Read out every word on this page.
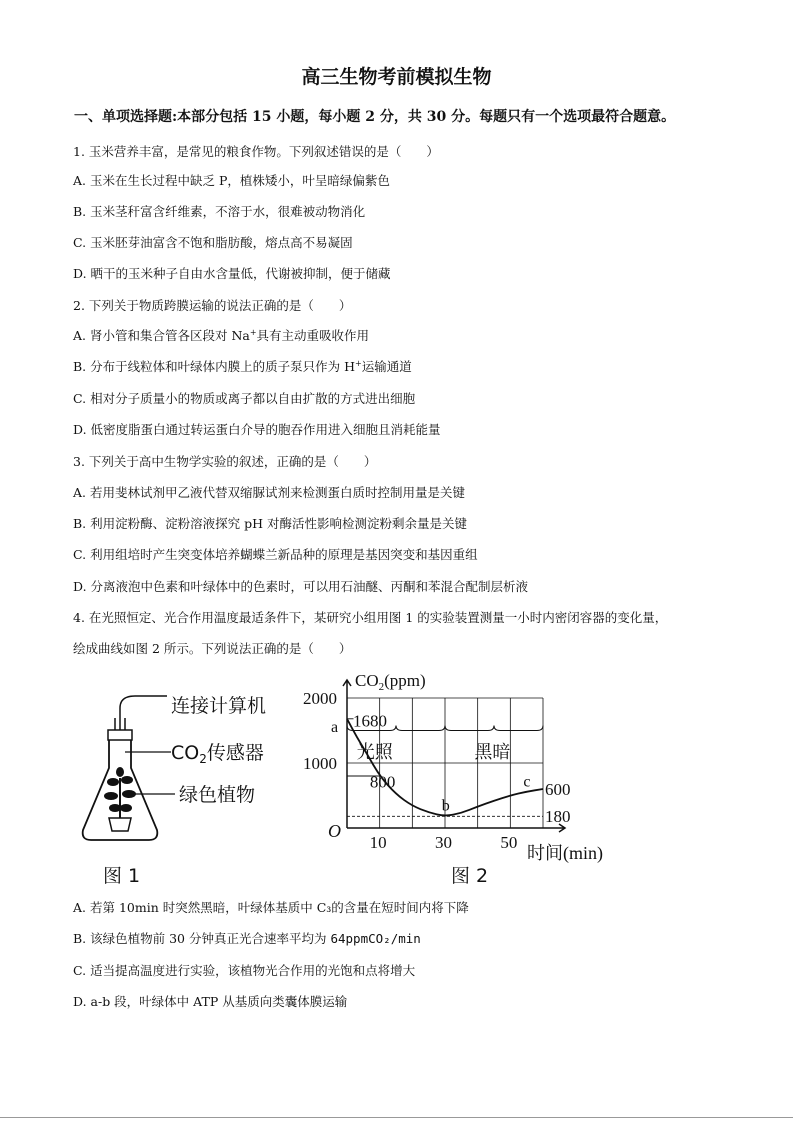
高三生物考前模拟生物
一、单项选择题:本部分包括 15 小题，每小题 2 分，共 30 分。每题只有一个选项最符合题意。
1. 玉米营养丰富，是常见的粮食作物。下列叙述错误的是（　　）
A. 玉米在生长过程中缺乏 P，植株矮小，叶呈暗绿偏紫色
B. 玉米茎秆富含纤维素，不溶于水，很难被动物消化
C. 玉米胚芽油富含不饱和脂肪酸，熔点高不易凝固
D. 晒干的玉米种子自由水含量低，代谢被抑制，便于储藏
2. 下列关于物质跨膜运输的说法正确的是（　　）
A. 肾小管和集合管各区段对 Na+具有主动重吸收作用
B. 分布于线粒体和叶绿体内膜上的质子泵只作为 H+运输通道
C. 相对分子质量小的物质或离子都以自由扩散的方式进出细胞
D. 低密度脂蛋白通过转运蛋白介导的胞吞作用进入细胞且消耗能量
3. 下列关于高中生物学实验的叙述，正确的是（　　）
A. 若用斐林试剂甲乙液代替双缩脲试剂来检测蛋白质时控制用量是关键
B. 利用淀粉酶、淀粉溶液探究 pH 对酶活性影响检测淀粉剩余量是关键
C. 利用组培时产生突变体培养蝴蝶兰新品种的原理是基因突变和基因重组
D. 分离液泡中色素和叶绿体中的色素时，可以用石油醚、丙酮和苯混合配制层析液
4. 在光照恒定、光合作用温度最适条件下，某研究小组用图 1 的实验装置测量一小时内密闭容器的变化量，
绘成曲线如图 2 所示。下列说法正确的是（　　）
连接计算机
$CO_2$传感器
绿色植物
图 1
2000
1000
50
30
10
$CO_2(ppm)$
时间(min)
O
图 2
光照	黑暗
a
b
c
1680
800	600
180
A. 若第 10min 时突然黑暗，叶绿体基质中 C₃的含量在短时间内将下降
B. 该绿色植物前 30 分钟真正光合速率平均为 64ppmCO₂/min
C. 适当提高温度进行实验，该植物光合作用的光饱和点将增大
D. a-b 段，叶绿体中 ATP 从基质向类囊体膜运输
